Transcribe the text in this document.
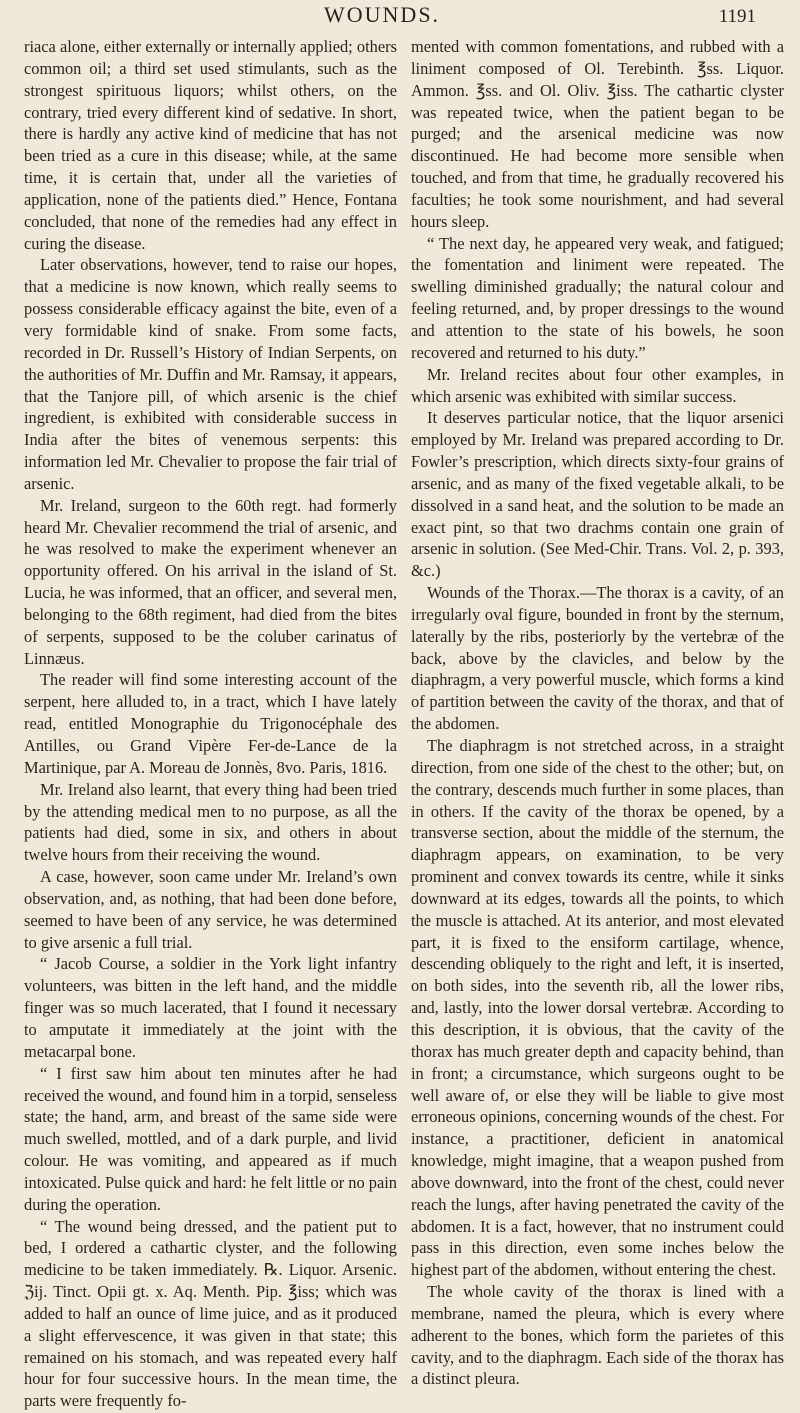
WOUNDS.	1191

riaca alone, either externally or internally applied; others common oil; a third set used stimulants, such as the strongest spirituous liquors; whilst others, on the contrary, tried every different kind of sedative. In short, there is hardly any active kind of medicine that has not been tried as a cure in this disease; while, at the same time, it is certain that, under all the varieties of application, none of the patients died.” Hence, Fontana concluded, that none of the remedies had any effect in curing the disease.

Later observations, however, tend to raise our hopes, that a medicine is now known, which really seems to possess considerable efficacy against the bite, even of a very formidable kind of snake. From some facts, recorded in Dr. Russell’s History of Indian Serpents, on the authorities of Mr. Duffin and Mr. Ramsay, it appears, that the Tanjore pill, of which arsenic is the chief ingredient, is exhibited with considerable success in India after the bites of venemous serpents: this information led Mr. Chevalier to propose the fair trial of arsenic.

Mr. Ireland, surgeon to the 60th regt. had formerly heard Mr. Chevalier recommend the trial of arsenic, and he was resolved to make the experiment whenever an opportunity offered. On his arrival in the island of St. Lucia, he was informed, that an officer, and several men, belonging to the 68th regiment, had died from the bites of serpents, supposed to be the coluber carinatus of Linnæus.

The reader will find some interesting account of the serpent, here alluded to, in a tract, which I have lately read, entitled Monographie du Trigonocéphale des Antilles, ou Grand Vipère Fer-de-Lance de la Martinique, par A. Moreau de Jonnès, 8vo. Paris, 1816.

Mr. Ireland also learnt, that every thing had been tried by the attending medical men to no purpose, as all the patients had died, some in six, and others in about twelve hours from their receiving the wound.

A case, however, soon came under Mr. Ireland’s own observation, and, as nothing, that had been done before, seemed to have been of any service, he was determined to give arsenic a full trial.

“ Jacob Course, a soldier in the York light infantry volunteers, was bitten in the left hand, and the middle finger was so much lacerated, that I found it necessary to amputate it immediately at the joint with the metacarpal bone.

“ I first saw him about ten minutes after he had received the wound, and found him in a torpid, senseless state; the hand, arm, and breast of the same side were much swelled, mottled, and of a dark purple, and livid colour. He was vomiting, and appeared as if much intoxicated. Pulse quick and hard: he felt little or no pain during the operation.

“ The wound being dressed, and the patient put to bed, I ordered a cathartic clyster, and the following medicine to be taken immediately. ℞. Liquor. Arsenic. ℨij. Tinct. Opii gt. x. Aq. Menth. Pip. ℥iss; which was added to half an ounce of lime juice, and as it produced a slight effervescence, it was given in that state; this remained on his stomach, and was repeated every half hour for four successive hours. In the mean time, the parts were frequently fo-

mented with common fomentations, and rubbed with a liniment composed of Ol. Terebinth. ℥ss. Liquor. Ammon. ℥ss. and Ol. Oliv. ℥iss. The cathartic clyster was repeated twice, when the patient began to be purged; and the arsenical medicine was now discontinued. He had become more sensible when touched, and from that time, he gradually recovered his faculties; he took some nourishment, and had several hours sleep.

“ The next day, he appeared very weak, and fatigued; the fomentation and liniment were repeated. The swelling diminished gradually; the natural colour and feeling returned, and, by proper dressings to the wound and attention to the state of his bowels, he soon recovered and returned to his duty.”

Mr. Ireland recites about four other examples, in which arsenic was exhibited with similar success.

It deserves particular notice, that the liquor arsenici employed by Mr. Ireland was prepared according to Dr. Fowler’s prescription, which directs sixty-four grains of arsenic, and as many of the fixed vegetable alkali, to be dissolved in a sand heat, and the solution to be made an exact pint, so that two drachms contain one grain of arsenic in solution. (See Med-Chir. Trans. Vol. 2, p. 393, &c.)

Wounds of the Thorax.—The thorax is a cavity, of an irregularly oval figure, bounded in front by the sternum, laterally by the ribs, posteriorly by the vertebræ of the back, above by the clavicles, and below by the diaphragm, a very powerful muscle, which forms a kind of partition between the cavity of the thorax, and that of the abdomen.

The diaphragm is not stretched across, in a straight direction, from one side of the chest to the other; but, on the contrary, descends much further in some places, than in others. If the cavity of the thorax be opened, by a transverse section, about the middle of the sternum, the diaphragm appears, on examination, to be very prominent and convex towards its centre, while it sinks downward at its edges, towards all the points, to which the muscle is attached. At its anterior, and most elevated part, it is fixed to the ensiform cartilage, whence, descending obliquely to the right and left, it is inserted, on both sides, into the seventh rib, all the lower ribs, and, lastly, into the lower dorsal vertebræ. According to this description, it is obvious, that the cavity of the thorax has much greater depth and capacity behind, than in front; a circumstance, which surgeons ought to be well aware of, or else they will be liable to give most erroneous opinions, concerning wounds of the chest. For instance, a practitioner, deficient in anatomical knowledge, might imagine, that a weapon pushed from above downward, into the front of the chest, could never reach the lungs, after having penetrated the cavity of the abdomen. It is a fact, however, that no instrument could pass in this direction, even some inches below the highest part of the abdomen, without entering the chest.

The whole cavity of the thorax is lined with a membrane, named the pleura, which is every where adherent to the bones, which form the parietes of this cavity, and to the diaphragm. Each side of the thorax has a distinct pleura.
